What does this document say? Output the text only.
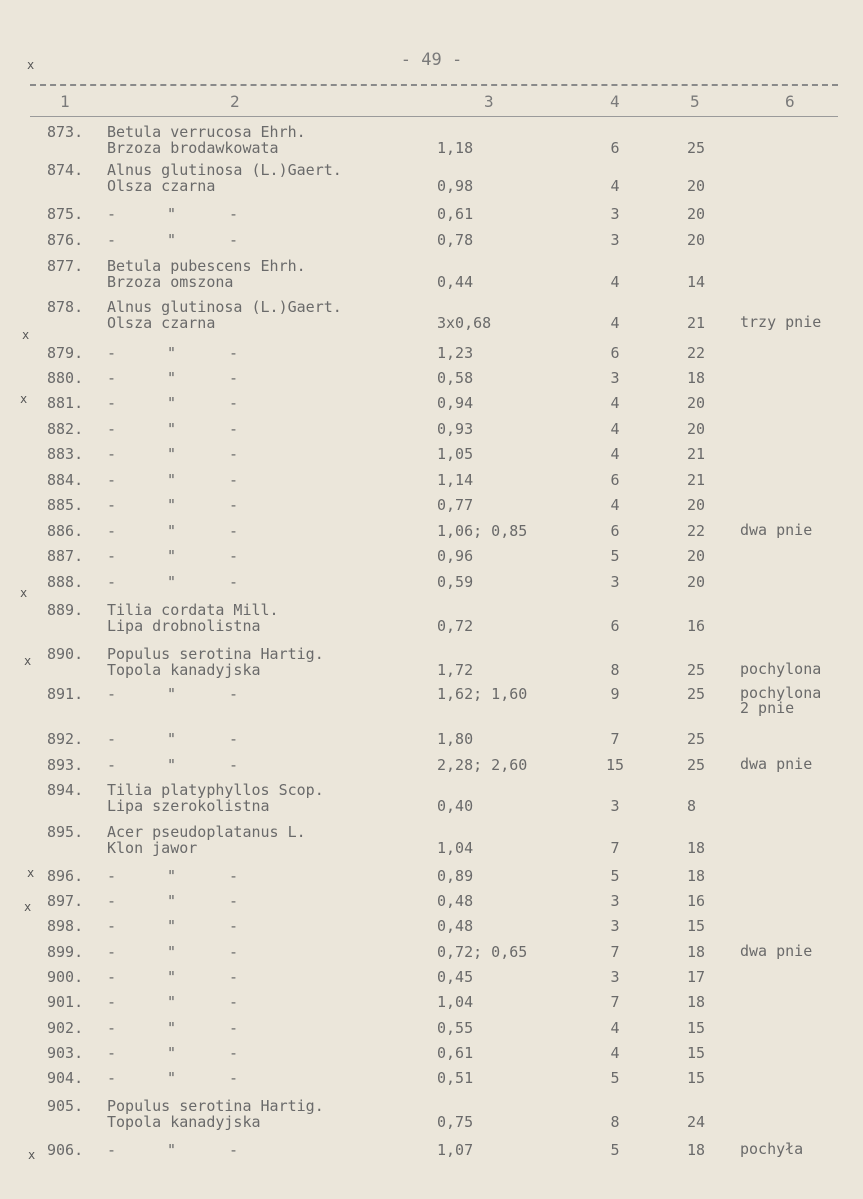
- 49 -
1	2	3	4	5	6
x
x
x
x
x
x
x
x
873.	Betula verrucosa Ehrh.
Brzoza brodawkowata	1,18	6	25
874.	Alnus glutinosa (L.)Gaert.
Olsza czarna	0,98	4	20
875.	-	"	-	0,61	3	20
876.	-	"	-	0,78	3	20
877.	Betula pubescens Ehrh.
Brzoza omszona	0,44	4	14
878.	Alnus glutinosa (L.)Gaert.
Olsza czarna	3x0,68	4	21	trzy pnie
879.	-	"	-	1,23	6	22
880.	-	"	-	0,58	3	18
881.	-	"	-	0,94	4	20
882.	-	"	-	0,93	4	20
883.	-	"	-	1,05	4	21
884.	-	"	-	1,14	6	21
885.	-	"	-	0,77	4	20
886.	-	"	-	1,06; 0,85	6	22	dwa pnie
887.	-	"	-	0,96	5	20
888.	-	"	-	0,59	3	20
889.	Tilia cordata Mill.
Lipa drobnolistna	0,72	6	16
890.	Populus serotina Hartig.
Topola kanadyjska	1,72	8	25	pochylona
891.	-	"	-	1,62; 1,60	9	25	pochylona
2 pnie
892.	-	"	-	1,80	7	25
893.	-	"	-	2,28; 2,60	15	25	dwa pnie
894.	Tilia platyphyllos Scop.
Lipa szerokolistna	0,40	3	8
895.	Acer pseudoplatanus L.
Klon jawor	1,04	7	18
896.	-	"	-	0,89	5	18
897.	-	"	-	0,48	3	16
898.	-	"	-	0,48	3	15
899.	-	"	-	0,72; 0,65	7	18	dwa pnie
900.	-	"	-	0,45	3	17
901.	-	"	-	1,04	7	18
902.	-	"	-	0,55	4	15
903.	-	"	-	0,61	4	15
904.	-	"	-	0,51	5	15
905.	Populus serotina Hartig.
Topola kanadyjska	0,75	8	24
906.	-	"	-	1,07	5	18	pochyła
